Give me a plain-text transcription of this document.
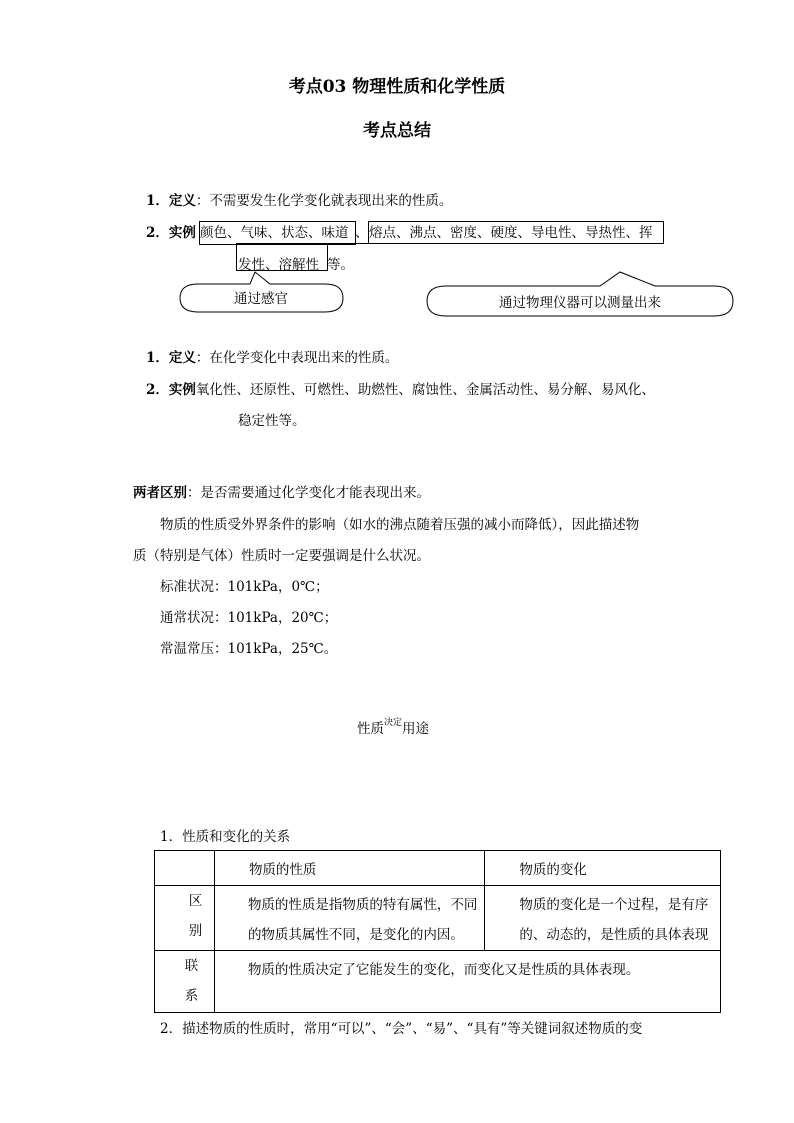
考点03 物理性质和化学性质
考点总结
1．定义：不需要发生化学变化就表现出来的性质。
2．实例 颜色、气味、状态、味道 、 熔点、沸点、密度、硬度、导电性、导热性、挥
发性、溶解性 等。
通过感官	通过物理仪器可以测量出来
1．定义：在化学变化中表现出来的性质。
2．实例氧化性、还原性、可燃性、助燃性、腐蚀性、金属活动性、易分解、易风化、
稳定性等。
两者区别：是否需要通过化学变化才能表现出来。
物质的性质受外界条件的影响（如水的沸点随着压强的减小而降低），因此描述物
质（特别是气体）性质时一定要强调是什么状况。
标准状况：101kPa，0℃；
通常状况：101kPa，20℃；
常温常压：101kPa，25℃。
性质$^{决定}$用途
1．性质和变化的关系

	物质的性质	物质的变化

区
别	物质的性质是指物质的特有属性，不同的物质其属性不同，是变化的内因。	物质的变化是一个过程，是有序的、动态的，是性质的具体表现

联
系	物质的性质决定了它能发生的变化，而变化又是性质的具体表现。	
2．描述物质的性质时，常用“可以”、“会”、“易”、“具有”等关键词叙述物质的变
